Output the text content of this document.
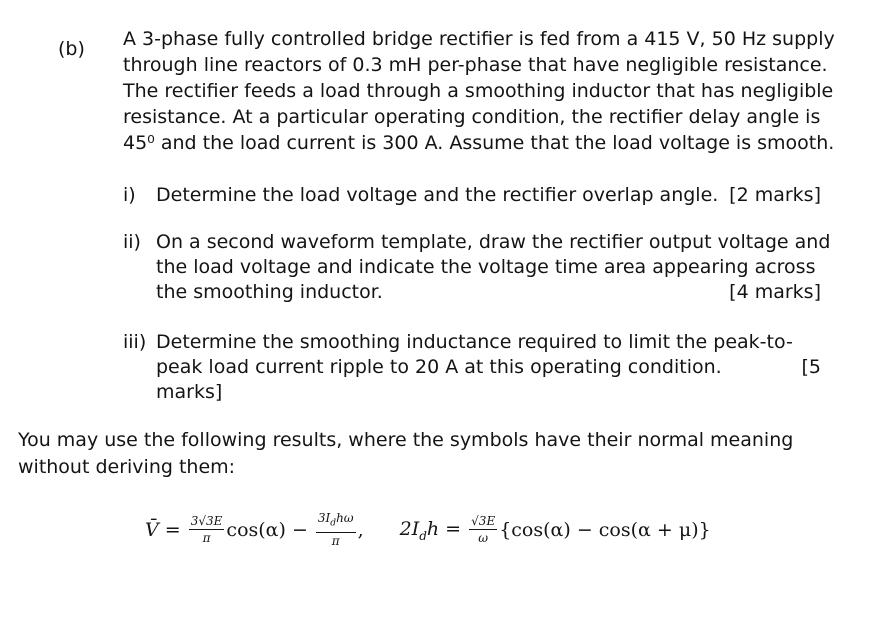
(b) A 3-phase fully controlled bridge rectifier is fed from a 415 V, 50 Hz supply
through line reactors of 0.3 mH per-phase that have negligible resistance.
The rectifier feeds a load through a smoothing inductor that has negligible
resistance. At a particular operating condition, the rectifier delay angle is
45⁰ and the load current is 300 A. Assume that the load voltage is smooth.
i) Determine the load voltage and the rectifier overlap angle. [2 marks]
ii) On a second waveform template, draw the rectifier output voltage and
the load voltage and indicate the voltage time area appearing across
the smoothing inductor.	[4 marks]
iii) Determine the smoothing inductance required to limit the peak-to-
peak load current ripple to 20 A at this operating condition.	[5
marks]
You may use the following results, where the symbols have their normal meaning
without deriving them:
V̄ =
$\frac{3√3E}{\pi} \cos(\alpha)$ −
$\frac{3I_dh\omega}{\pi}$ , $2I_dh$ =
$\frac{√3E}{\omega} \{\cos(\alpha) - \cos(\alpha + \mu)\}$
